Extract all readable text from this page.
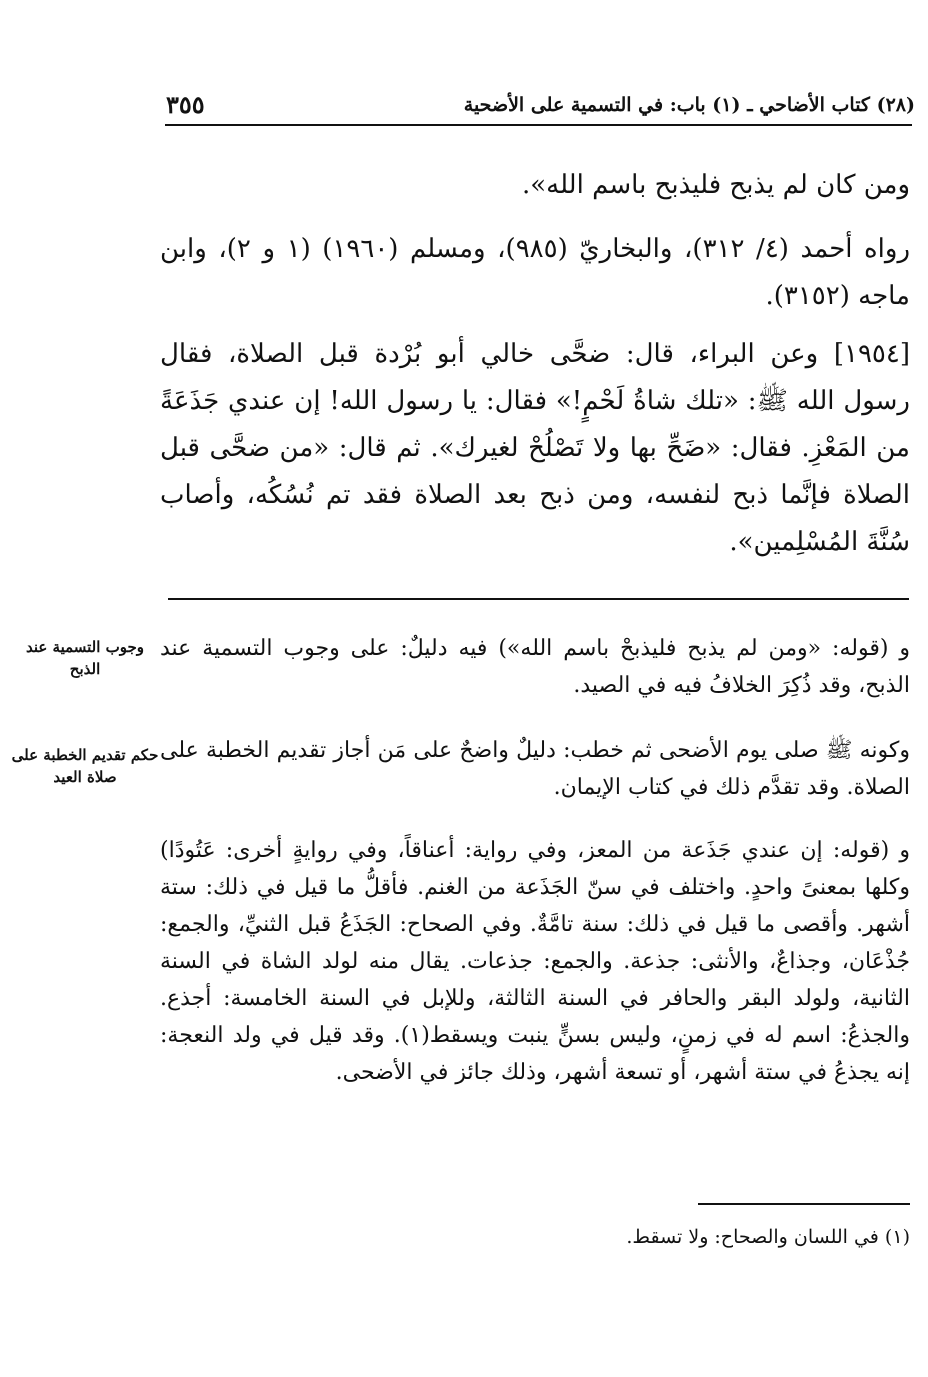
(٢٨) كتاب الأضاحي ـ (١) باب: في التسمية على الأضحية
٣٥٥

ومن كان لم يذبح فليذبح باسم الله».

رواه أحمد (٤/ ٣١٢)، والبخاريّ (٩٨٥)، ومسلم (١٩٦٠) (١ و ٢)، وابن ماجه (٣١٥٢).

[١٩٥٤] وعن البراء، قال: ضحَّى خالي أبو بُرْدة قبل الصلاة، فقال رسول الله ﷺ: «تلك شاةُ لَحْمٍ!» فقال: يا رسول الله! إن عندي جَذَعَةً من المَعْزِ. فقال: «ضَحِّ بها ولا تَصْلُحْ لغيرك». ثم قال: «من ضحَّى قبل الصلاة فإنَّما ذبح لنفسه، ومن ذبح بعد الصلاة فقد تم نُسُكُه، وأصاب سُنَّةَ المُسْلِمين».

و (قوله: «ومن لم يذبح فليذبحْ باسم الله») فيه دليلٌ: على وجوب التسمية عند الذبح، وقد ذُكِرَ الخلافُ فيه في الصيد.

وكونه ﷺ صلى يوم الأضحى ثم خطب: دليلٌ واضحٌ على مَن أجاز تقديم الخطبة على الصلاة. وقد تقدَّم ذلك في كتاب الإيمان.

و (قوله: إن عندي جَذَعة من المعز، وفي رواية: أعناقاً، وفي روايةٍ أخرى: عَتُودًا) وكلها بمعنىً واحدٍ. واختلف في سنّ الجَذَعة من الغنم. فأقلُّ ما قيل في ذلك: ستة أشهر. وأقصى ما قيل في ذلك: سنة تامَّةٌ. وفي الصحاح: الجَذَعُ قبل الثنيِّ، والجمع: جُذْعَان، وجذاعٌ، والأنثى: جذعة. والجمع: جذعات. يقال منه لولد الشاة في السنة الثانية، ولولد البقر والحافر في السنة الثالثة، وللإبل في السنة الخامسة: أجذع. والجذعُ: اسم له في زمنٍ، وليس بسنٍّ ينبت ويسقط(١). وقد قيل في ولد النعجة: إنه يجذعُ في ستة أشهر، أو تسعة أشهر، وذلك جائز في الأضحى.

وجوب التسمية عند الذبح
حكم تقديم الخطبة على صلاة العيد
(١) في اللسان والصحاح: ولا تسقط.
